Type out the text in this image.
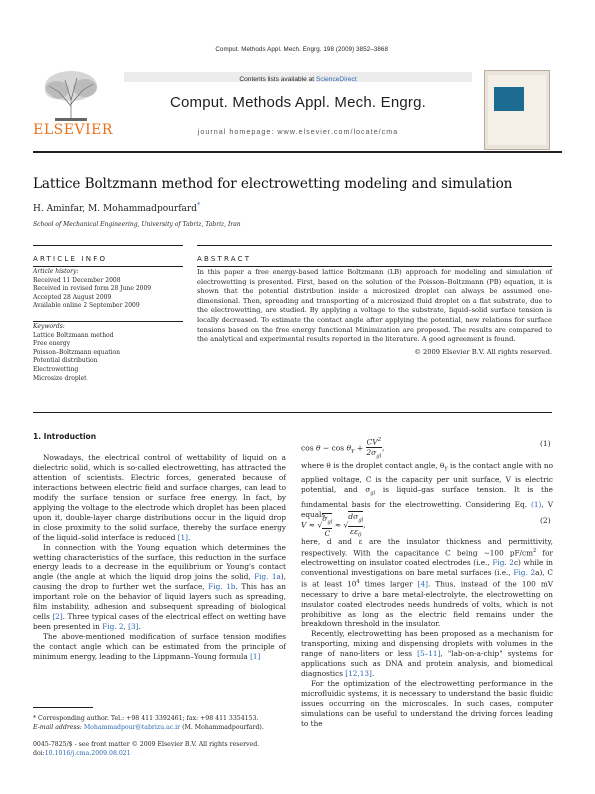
Comput. Methods Appl. Mech. Engrg. 198 (2009) 3852–3868
ELSEVIER
Contents lists available at ScienceDirect
Comput. Methods Appl. Mech. Engrg.
journal homepage: www.elsevier.com/locate/cma
Lattice Boltzmann method for electrowetting modeling and simulation
H. Aminfar, M. Mohammadpourfard*
School of Mechanical Engineering, University of Tabriz, Tabriz, Iran
ARTICLE INFO
Article history:
Received 11 December 2008
Received in revised form 28 June 2009
Accepted 28 August 2009
Available online 2 September 2009
Keywords:
Lattice Boltzmann method
Free energy
Poisson–Boltzmann equation
Potential distribution
Electrowetting
Microsize droplet
ABSTRACT
In this paper a free energy-based lattice Boltzmann (LB) approach for modeling and simulation of electrowetting is presented. First, based on the solution of the Poisson–Boltzmann (PB) equation, it is shown that the potential distribution inside a microsized droplet can always be assumed one-dimensional. Then, spreading and transporting of a microsized fluid droplet on a flat substrate, due to the electrowetting, are studied. By applying a voltage to the substrate, liquid–solid surface tension is locally decreased. To estimate the contact angle after applying the potential, new relations for surface tensions based on the free energy functional Minimization are proposed. The results are compared to the analytical and experimental results reported in the literature. A good agreement is found.
© 2009 Elsevier B.V. All rights reserved.
1. Introduction

Nowadays, the electrical control of wettability of liquid on a dielectric solid, which is so-called electrowetting, has attracted the attention of scientists. Electric forces, generated because of interactions between electric field and surface charges, can lead to modify the surface tension or surface free energy. In fact, by applying the voltage to the electrode which droplet has been placed upon it, double-layer charge distributions occur in the liquid drop in close proximity to the solid surface, thereby the surface energy of the liquid–solid interface is reduced [1].

In connection with the Young equation which determines the wetting characteristics of the surface, this reduction in the surface energy leads to a decrease in the equilibrium or Young's contact angle (the angle at which the liquid drop joins the solid, Fig. 1a), causing the drop to further wet the surface, Fig. 1b. This has an important role on the behavior of liquid layers such as spreading, film instability, adhesion and subsequent spreading of biological cells [2]. Three typical cases of the electrical effect on wetting have been presented in Fig. 2, [3].

The above-mentioned modification of surface tension modifies the contact angle which can be estimated from the principle of minimum energy, leading to the Lippmann–Young formula [1]

$\cos \theta - \cos \theta_Y$ +
$CV^2$
$2\sigma_{gl}$
,	(1)

where θ is the droplet contact angle, $\theta_Y$ is the contact angle with no applied voltage, C is the capacity per unit surface, V is electric potential, and $\sigma_{gl}$ is liquid–gas surface tension. It is the fundamental basis for the electrowetting. Considering Eq. (1), V equals

V ≈ √
$\sigma_{gl}$
C
≈ √
$d\sigma_{gl}$
$\varepsilon\varepsilon_0$
,	(2)

here, d and ε are the insulator thickness and permittivity, respectively. With the capacitance C being ∼100 $pF/cm^2$ for electrowetting on insulator coated electrodes (i.e., Fig. 2c) while in conventional investigations on bare metal surfaces (i.e., Fig. 2a), C is at least $10^4$ times larger [4]. Thus, instead of the 100 mV necessary to drive a bare metal-electrolyte, the electrowetting on insulator coated electrodes needs hundreds of volts, which is not prohibitive as long as the electric field remains under the breakdown threshold in the insulator.

Recently, electrowetting has been proposed as a mechanism for transporting, mixing and dispensing droplets with volumes in the range of nano-liters or less [5–11], "lab-on-a-chip" systems for applications such as DNA and protein analysis, and biomedical diagnostics [12,13].

For the optimization of the electrowetting performance in the microfluidic systems, it is necessary to understand the basic fluidic issues occurring on the microscales. In such cases, computer simulations can be useful to understand the driving forces leading to the

* Corresponding author. Tel.: +98 411 3392461; fax: +98 411 3354153.
E-mail address: Mohammadpour@tabrizu.ac.ir (M. Mohammadpourfard).
0045-7825/$ - see front matter © 2009 Elsevier B.V. All rights reserved.
doi:10.1016/j.cma.2009.08.021
